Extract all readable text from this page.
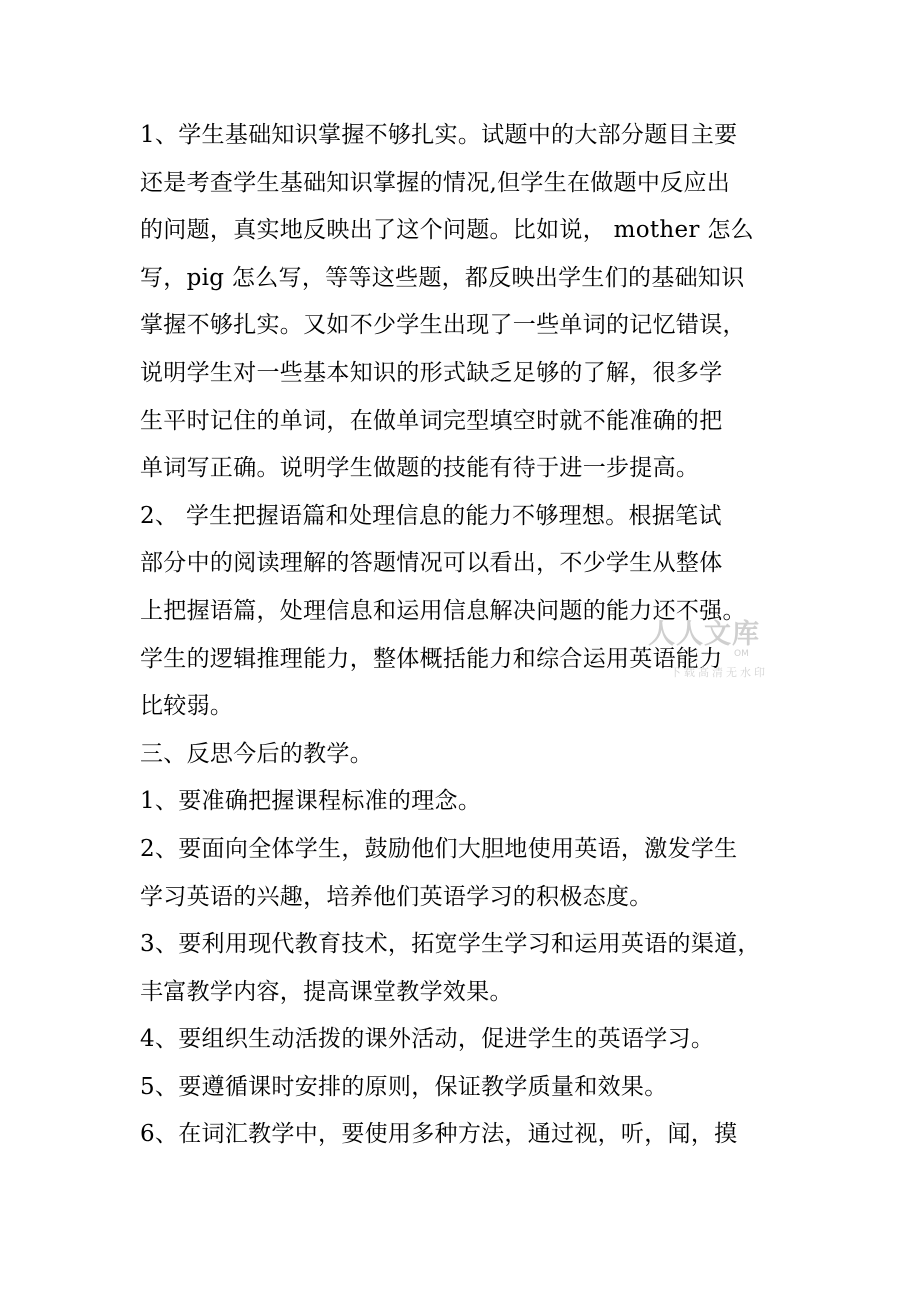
1、学生基础知识掌握不够扎实。试题中的大部分题目主要
还是考查学生基础知识掌握的情况,但学生在做题中反应出
的问题，真实地反映出了这个问题。比如说， mother 怎么
写，pig 怎么写，等等这些题，都反映出学生们的基础知识
掌握不够扎实。又如不少学生出现了一些单词的记忆错误，
说明学生对一些基本知识的形式缺乏足够的了解，很多学
生平时记住的单词，在做单词完型填空时就不能准确的把
单词写正确。说明学生做题的技能有待于进一步提高。
2、 学生把握语篇和处理信息的能力不够理想。根据笔试
部分中的阅读理解的答题情况可以看出，不少学生从整体
上把握语篇，处理信息和运用信息解决问题的能力还不强。
学生的逻辑推理能力，整体概括能力和综合运用英语能力
比较弱。
三、反思今后的教学。
1、要准确把握课程标准的理念。
2、要面向全体学生，鼓励他们大胆地使用英语，激发学生
学习英语的兴趣，培养他们英语学习的积极态度。
3、要利用现代教育技术，拓宽学生学习和运用英语的渠道，
丰富教学内容，提高课堂教学效果。
4、要组织生动活拨的课外活动，促进学生的英语学习。
5、要遵循课时安排的原则，保证教学质量和效果。
6、在词汇教学中，要使用多种方法，通过视，听，闻，摸
人人文库
OM
下载高清无水印
